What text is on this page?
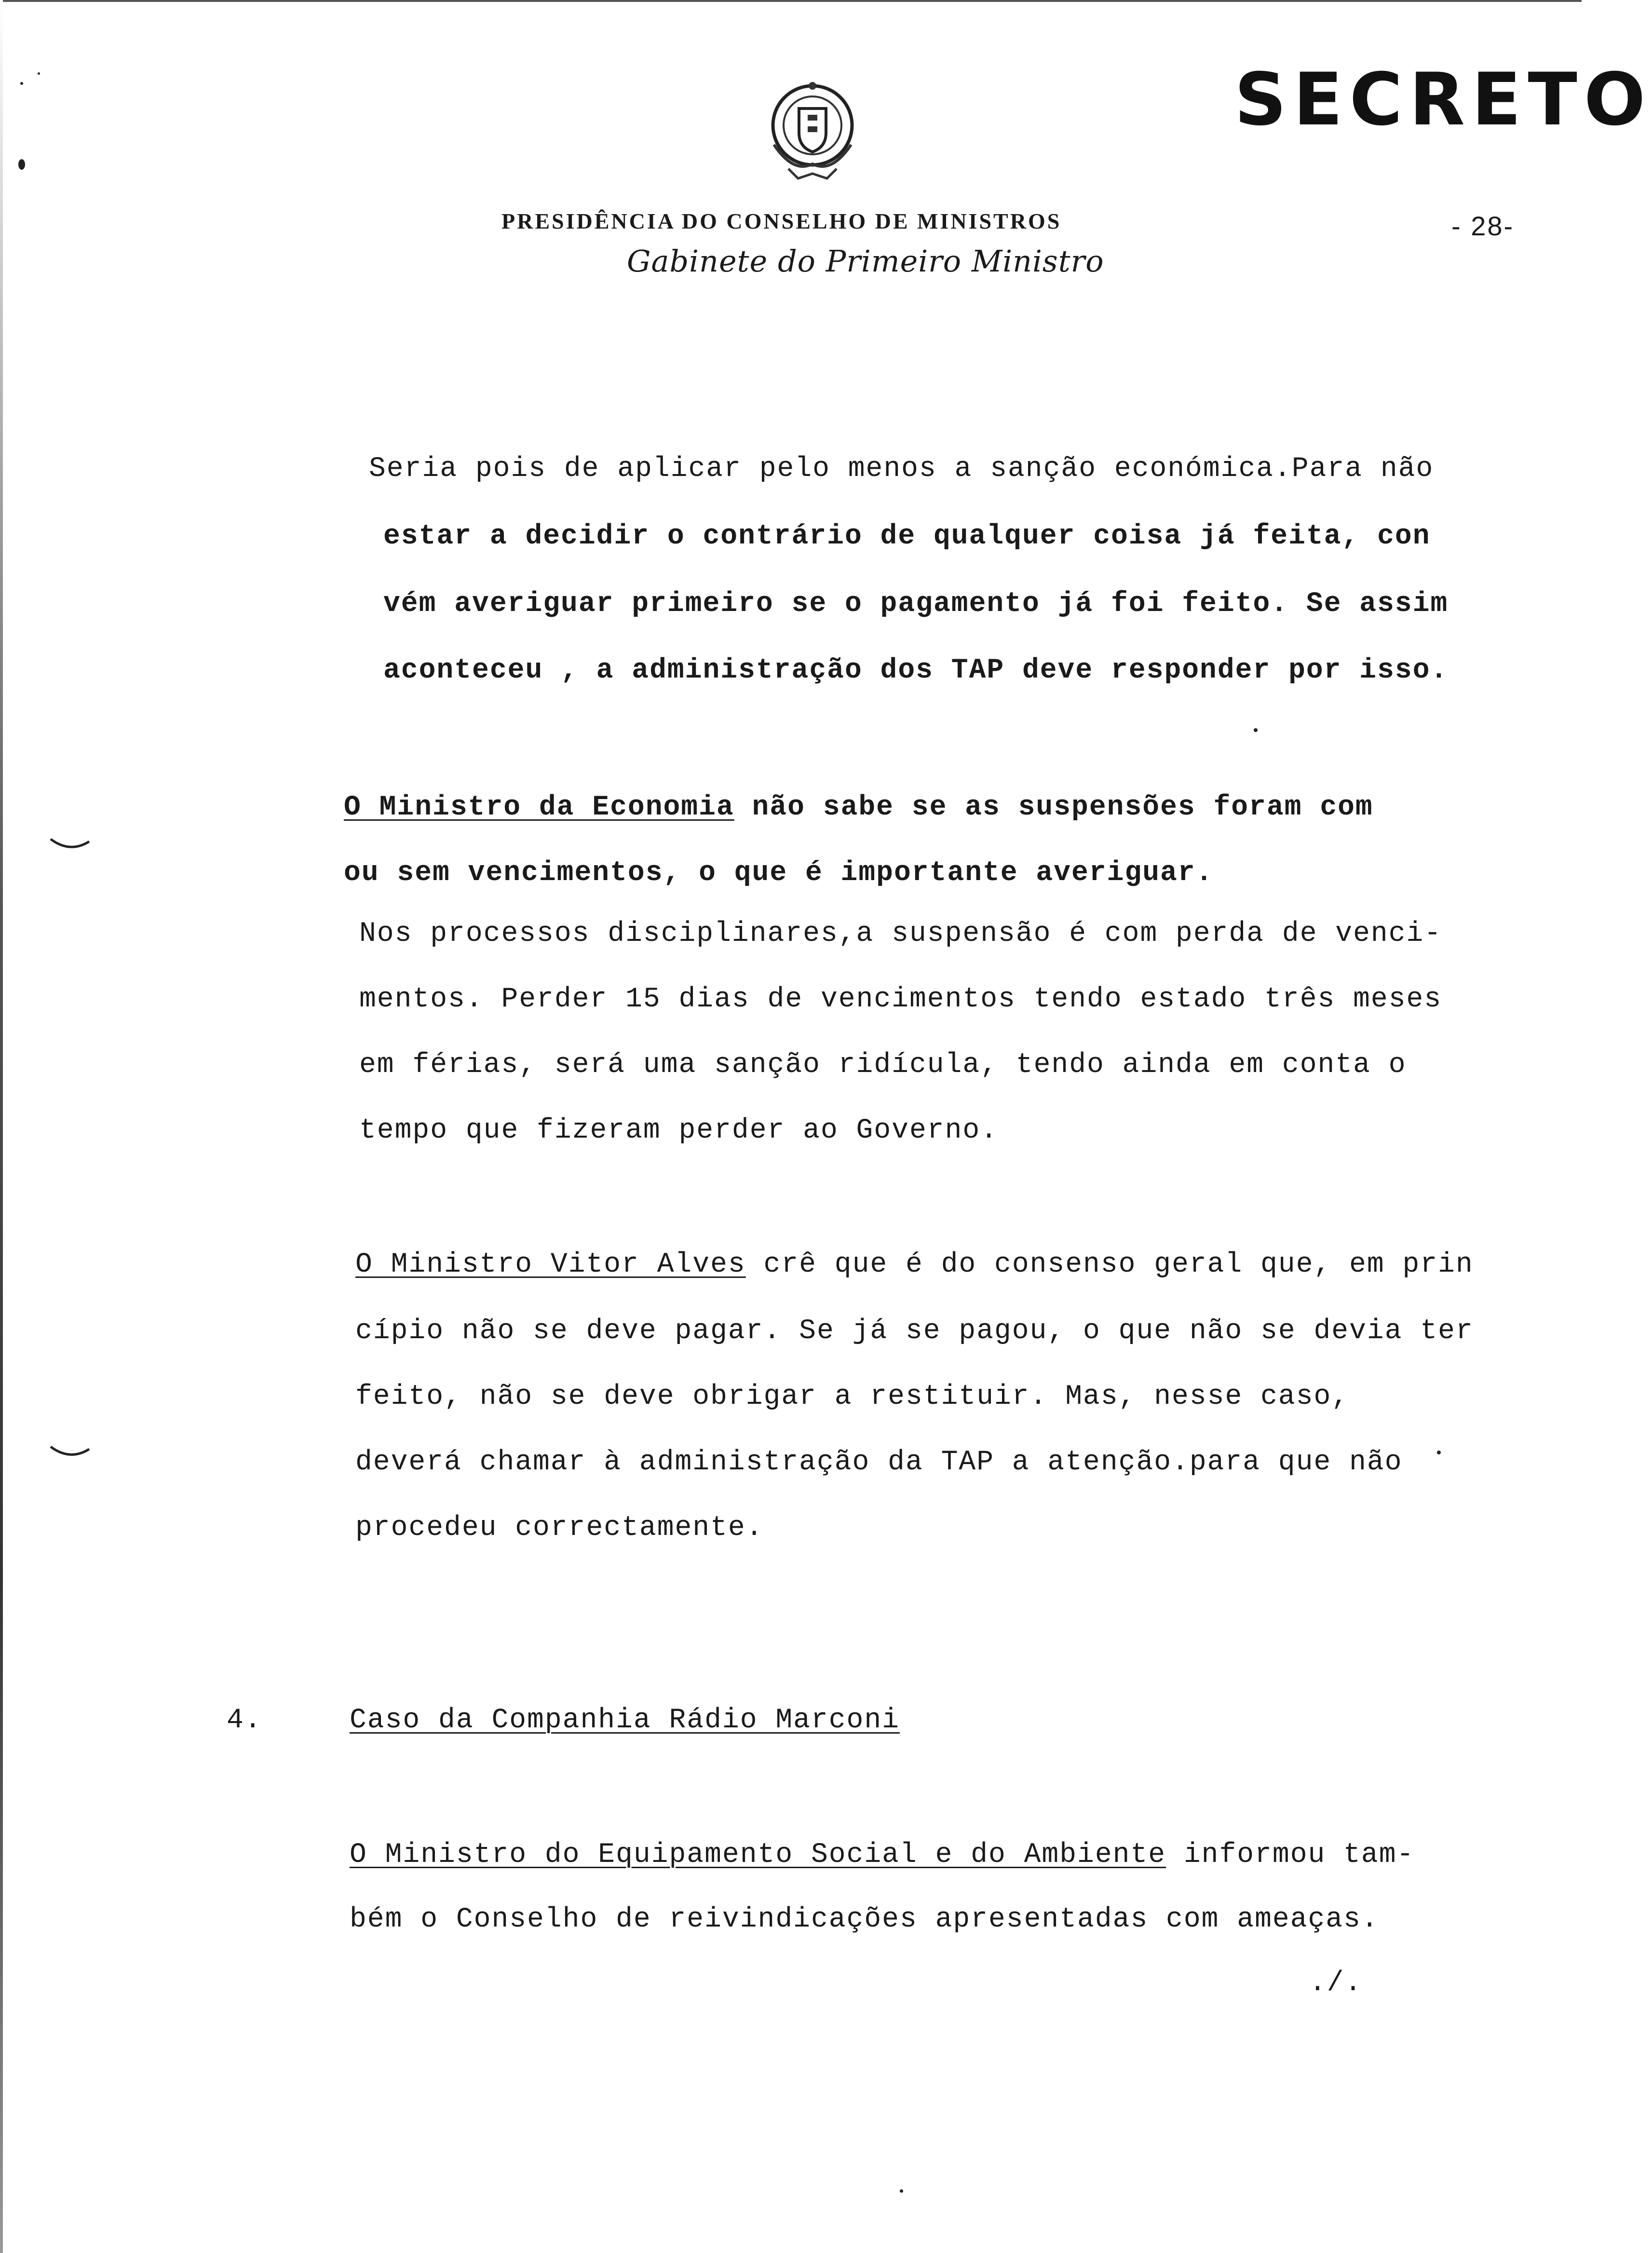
SECRETO
PRESIDÊNCIA DO CONSELHO DE MINISTROS
Gabinete do Primeiro Ministro
- 28-
Seria pois de aplicar pelo menos a sanção económica.Para não
estar a decidir o contrário de qualquer coisa já feita, con
vém averiguar primeiro se o pagamento já foi feito. Se assim
aconteceu , a administração dos TAP deve responder por isso.
O Ministro da Economia não sabe se as suspensões foram com
ou sem vencimentos, o que é importante averiguar.
Nos processos disciplinares,a suspensão é com perda de venci-
mentos. Perder 15 dias de vencimentos tendo estado três meses
em férias, será uma sanção ridícula, tendo ainda em conta o
tempo que fizeram perder ao Governo.
O Ministro Vitor Alves crê que é do consenso geral que, em prin
cípio não se deve pagar. Se já se pagou, o que não se devia ter
feito, não se deve obrigar a restituir. Mas, nesse caso,
deverá chamar à administração da TAP a atenção.para que não
procedeu correctamente.
4.	Caso da Companhia Rádio Marconi
O Ministro do Equipamento Social e do Ambiente informou tam-
bém o Conselho de reivindicações apresentadas com ameaças.
./.
